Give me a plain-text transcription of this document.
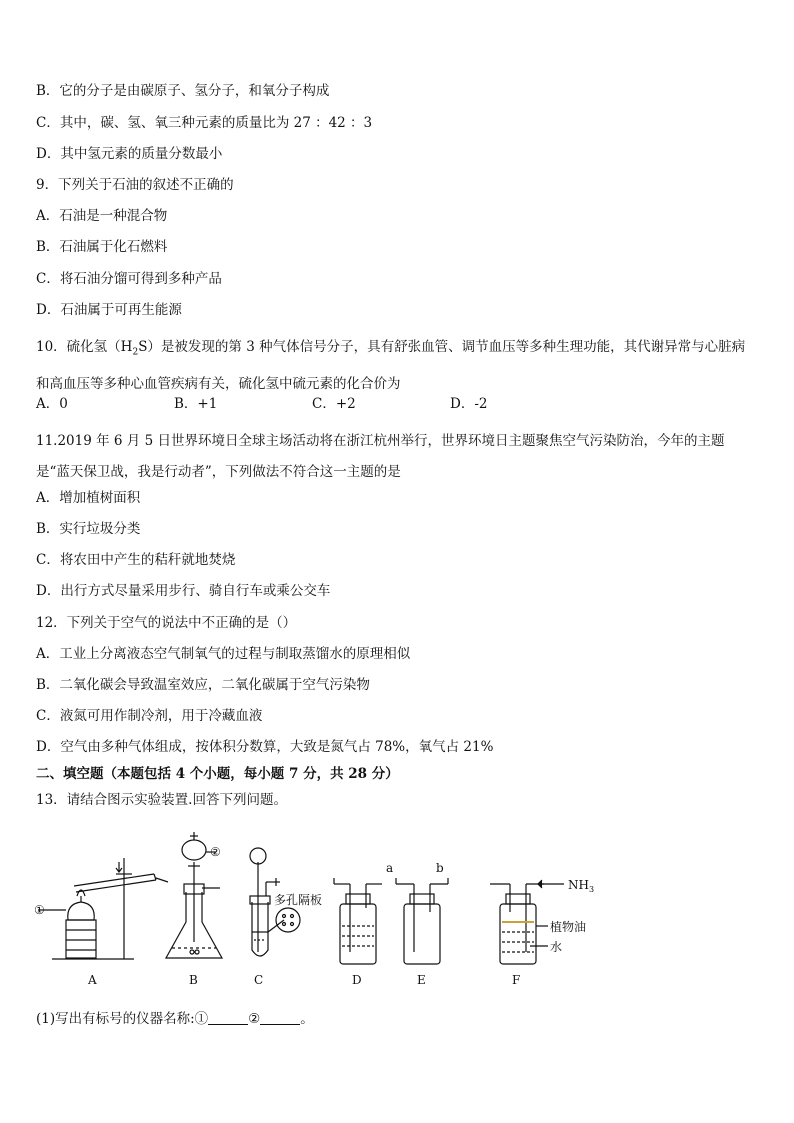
B．它的分子是由碳原子、氢分子，和氧分子构成
C．其中，碳、氢、氧三种元素的质量比为 27 ：42 ：3
D．其中氢元素的质量分数最小
9．下列关于石油的叙述不正确的
A．石油是一种混合物
B．石油属于化石燃料
C．将石油分馏可得到多种产品
D．石油属于可再生能源
10．硫化氢$(H_2S)$是被发现的第 3 种气体信号分子，具有舒张血管、调节血压等多种生理功能，其代谢异常与心脏病和高血压等多种心血管疾病有关，硫化氢中硫元素的化合价为
A．0	B．+1	C．+2	D．-2
11.2019 年 6 月 5 日世界环境日全球主场活动将在浙江杭州举行，世界环境日主题聚焦空气污染防治，今年的主题是“蓝天保卫战，我是行动者”，下列做法不符合这一主题的是
A．增加植树面积
B．实行垃圾分类
C．将农田中产生的秸秆就地焚烧
D．出行方式尽量采用步行、骑自行车或乘公交车
12．下列关于空气的说法中不正确的是（）
A．工业上分离液态空气制氧气的过程与制取蒸馏水的原理相似
B．二氧化碳会导致温室效应，二氧化碳属于空气污染物
C．液氮可用作制冷剂，用于冷藏血液
D．空气由多种气体组成，按体积分数算，大致是氮气占 78%，氧气占 21%
二、填空题（本题包括 4 个小题，每小题 7 分，共 28 分）
13．请结合图示实验装置.回答下列问题。
①
②
多孔隔板
a	b
$NH_3$
植物油
水
A	B	C	D	E	F
(1)写出有标号的仪器名称:①	②	。
